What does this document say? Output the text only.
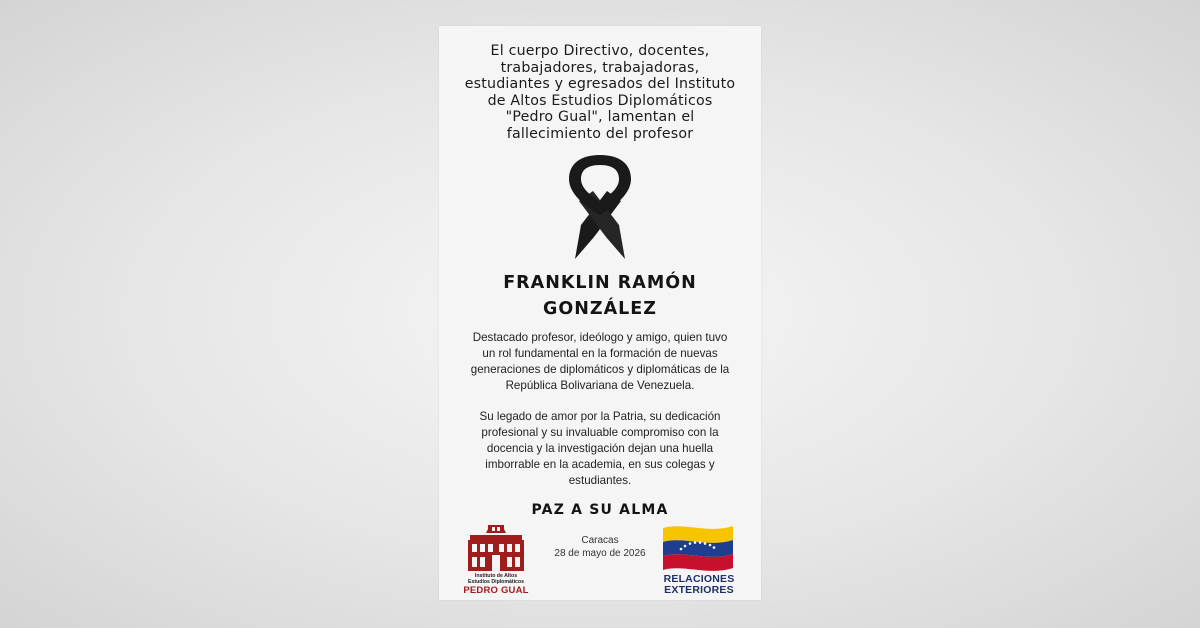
El cuerpo Directivo, docentes,
trabajadores, trabajadoras,
estudiantes y egresados del Instituto
de Altos Estudios Diplomáticos
"Pedro Gual", lamentan el
fallecimiento del profesor
FRANKLIN RAMÓN
GONZÁLEZ
Destacado profesor, ideólogo y amigo, quien tuvo
un rol fundamental en la formación de nuevas
generaciones de diplomáticos y diplomáticas de la
República Bolivariana de Venezuela.
Su legado de amor por la Patria, su dedicación
profesional y su invaluable compromiso con la
docencia y la investigación dejan una huella
imborrable en la academia, en sus colegas y
estudiantes.
PAZ A SU ALMA
Instituto de Altos
Estudios Diplomáticos
PEDRO GUAL
Caracas
28 de mayo de 2026
RELACIONES
EXTERIORES
